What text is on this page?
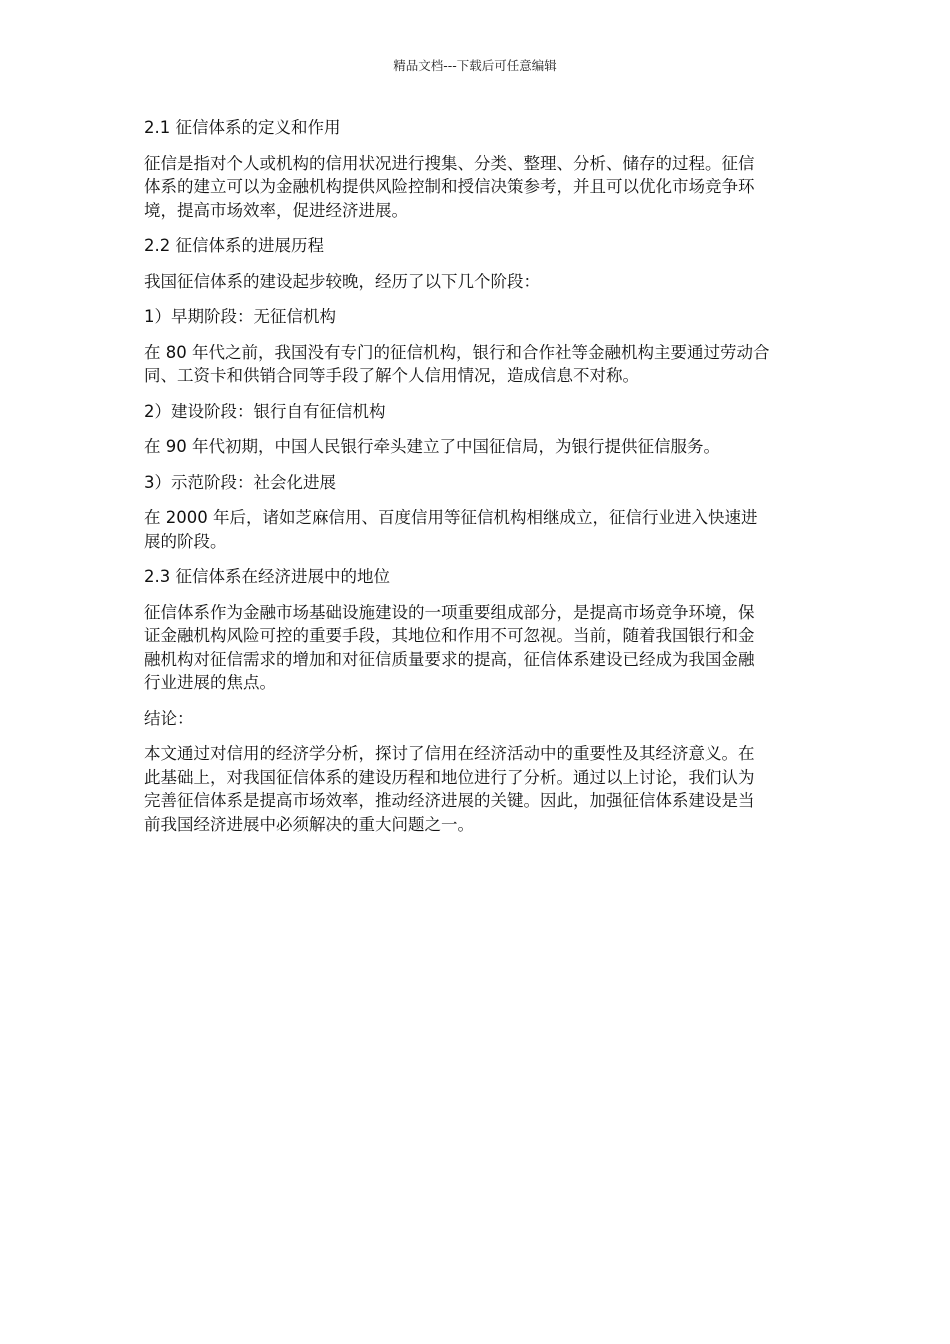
精品文档---下载后可任意编辑
2.1 征信体系的定义和作用
征信是指对个人或机构的信用状况进行搜集、分类、整理、分析、储存的过程。征信
体系的建立可以为金融机构提供风险控制和授信决策参考，并且可以优化市场竞争环
境，提高市场效率，促进经济进展。
2.2 征信体系的进展历程
我国征信体系的建设起步较晚，经历了以下几个阶段：
1）早期阶段：无征信机构
在 80 年代之前，我国没有专门的征信机构，银行和合作社等金融机构主要通过劳动合
同、工资卡和供销合同等手段了解个人信用情况，造成信息不对称。
2）建设阶段：银行自有征信机构
在 90 年代初期，中国人民银行牵头建立了中国征信局，为银行提供征信服务。
3）示范阶段：社会化进展
在 2000 年后，诸如芝麻信用、百度信用等征信机构相继成立，征信行业进入快速进
展的阶段。
2.3 征信体系在经济进展中的地位
征信体系作为金融市场基础设施建设的一项重要组成部分，是提高市场竞争环境，保
证金融机构风险可控的重要手段，其地位和作用不可忽视。当前，随着我国银行和金
融机构对征信需求的增加和对征信质量要求的提高，征信体系建设已经成为我国金融
行业进展的焦点。
结论：
本文通过对信用的经济学分析，探讨了信用在经济活动中的重要性及其经济意义。在
此基础上，对我国征信体系的建设历程和地位进行了分析。通过以上讨论，我们认为
完善征信体系是提高市场效率，推动经济进展的关键。因此，加强征信体系建设是当
前我国经济进展中必须解决的重大问题之一。
